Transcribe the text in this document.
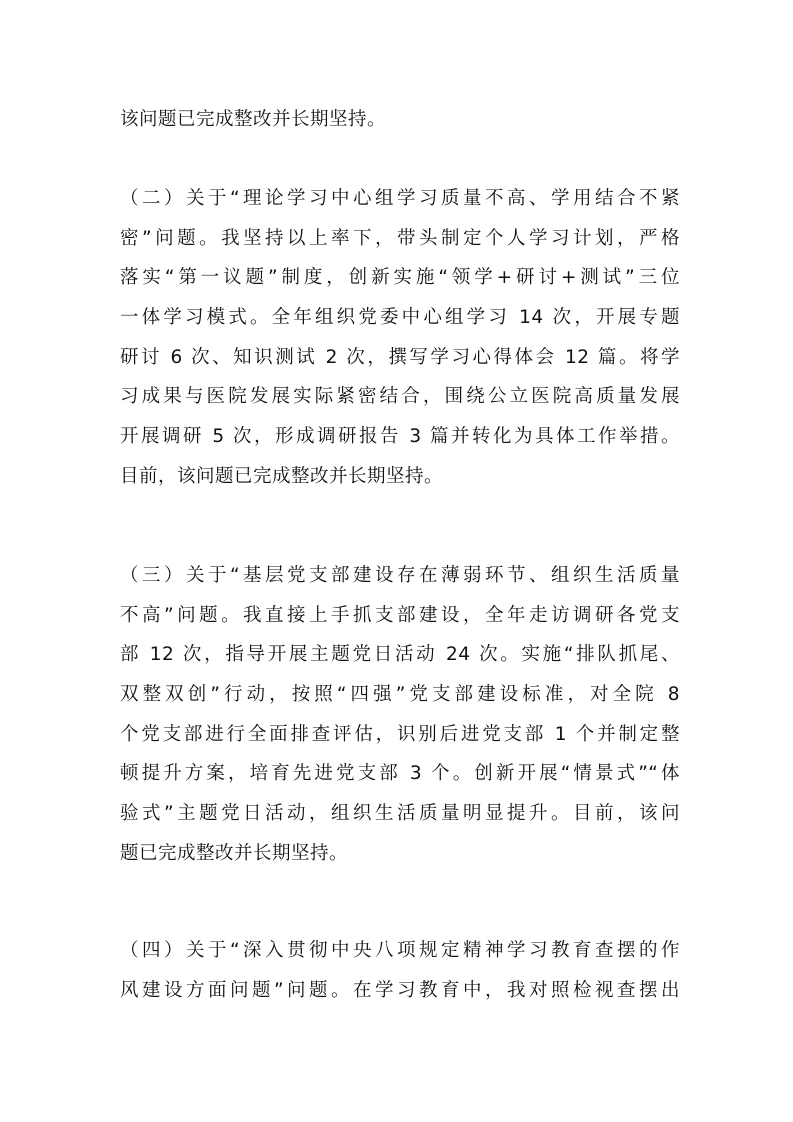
该问题已完成整改并长期坚持。
（二）关于“理论学习中心组学习质量不高、学用结合不紧
密”问题。我坚持以上率下，带头制定个人学习计划，严格
落实“第一议题”制度，创新实施“领学+研讨+测试”三位
一体学习模式。全年组织党委中心组学习 14 次，开展专题
研讨 6 次、知识测试 2 次，撰写学习心得体会 12 篇。将学
习成果与医院发展实际紧密结合，围绕公立医院高质量发展
开展调研 5 次，形成调研报告 3 篇并转化为具体工作举措。
目前，该问题已完成整改并长期坚持。
（三）关于“基层党支部建设存在薄弱环节、组织生活质量
不高”问题。我直接上手抓支部建设，全年走访调研各党支
部 12 次，指导开展主题党日活动 24 次。实施“排队抓尾、
双整双创”行动，按照“四强”党支部建设标准，对全院 8
个党支部进行全面排查评估，识别后进党支部 1 个并制定整
顿提升方案，培育先进党支部 3 个。创新开展“情景式”“体
验式”主题党日活动，组织生活质量明显提升。目前，该问
题已完成整改并长期坚持。
（四）关于“深入贯彻中央八项规定精神学习教育查摆的作
风建设方面问题”问题。在学习教育中，我对照检视查摆出
